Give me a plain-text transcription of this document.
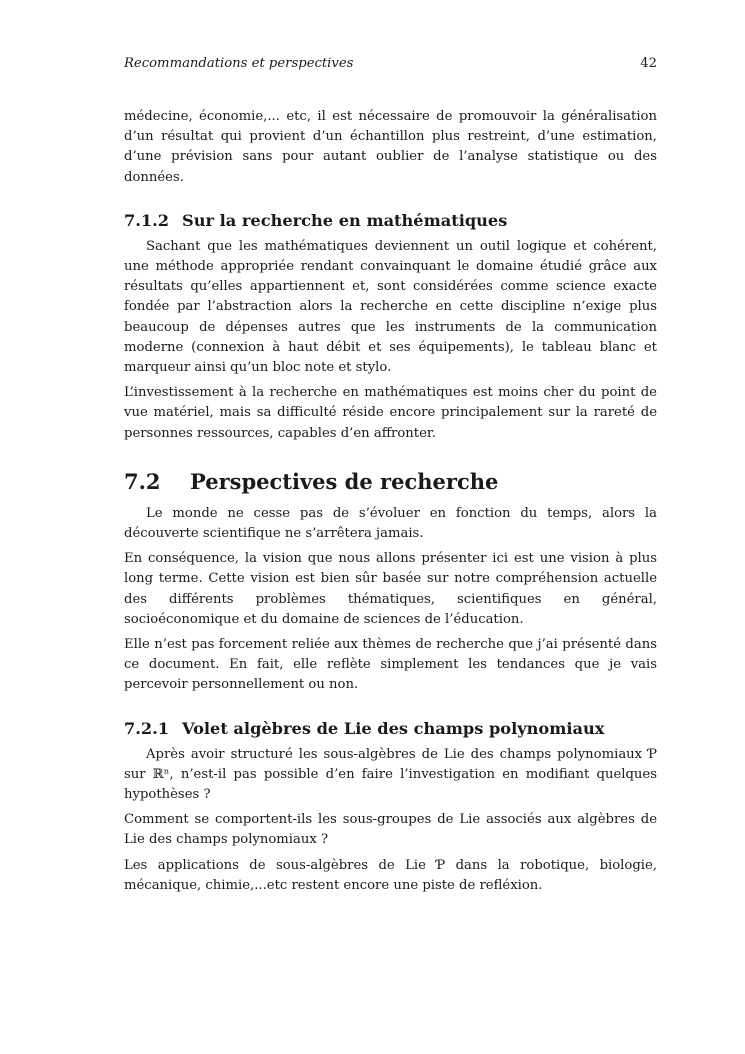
Recommandations et perspectives	42

médecine, économie,... etc, il est nécessaire de promouvoir la généralisation d’un résultat qui provient d’un échantillon plus restreint, d’une estimation, d’une prévision sans pour autant oublier de l’analyse statistique ou des données.

7.1.2 Sur la recherche en mathématiques

Sachant que les mathématiques deviennent un outil logique et cohérent, une méthode appropriée rendant convainquant le domaine étudié grâce aux résultats qu’elles appartiennent et, sont considérées comme science exacte fondée par l’abstraction alors la recherche en cette discipline n’exige plus beaucoup de dépenses autres que les instruments de la communication moderne (connexion à haut débit et ses équipements), le tableau blanc et marqueur ainsi qu’un bloc note et stylo.

L’investissement à la recherche en mathématiques est moins cher du point de vue matériel, mais sa difficulté réside encore principalement sur la rareté de personnes ressources, capables d’en affronter.

7.2	Perspectives de recherche

Le monde ne cesse pas de s’évoluer en fonction du temps, alors la découverte scientifique ne s’arrêtera jamais.

En conséquence, la vision que nous allons présenter ici est une vision à plus long terme. Cette vision est bien sûr basée sur notre compréhension actuelle des différents problèmes thématiques, scientifiques en général, socioéconomique et du domaine de sciences de l’éducation.

Elle n’est pas forcement reliée aux thèmes de recherche que j’ai présenté dans ce document. En fait, elle reflète simplement les tendances que je vais percevoir personnellement ou non.

7.2.1 Volet algèbres de Lie des champs polynomiaux

Après avoir structuré les sous-algèbres de Lie des champs polynomiaux Ƥ sur ℝⁿ, n’est-il pas possible d’en faire l’investigation en modifiant quelques hypothèses ?

Comment se comportent-ils les sous-groupes de Lie associés aux algèbres de Lie des champs polynomiaux ?

Les applications de sous-algèbres de Lie Ƥ dans la robotique, biologie, mécanique, chimie,...etc restent encore une piste de refléxion.
